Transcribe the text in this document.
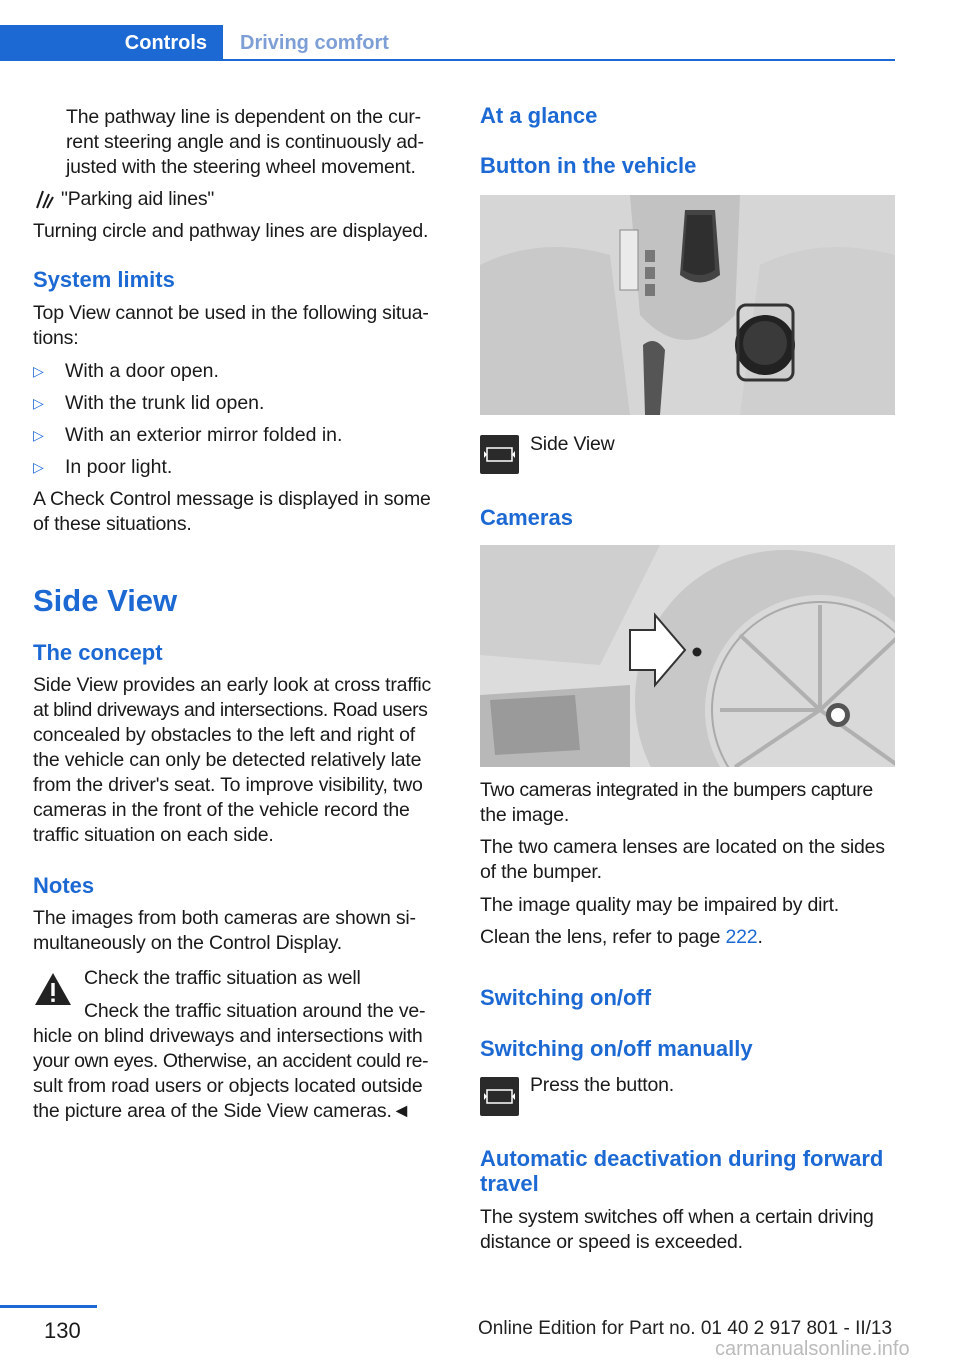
Controls	Driving comfort

The pathway line is dependent on the cur-

rent steering angle and is continuously ad-

justed with the steering wheel movement.

"Parking aid lines"

Turning circle and pathway lines are displayed.

System limits

Top View cannot be used in the following situa-

tions:

▷ With a door open.
▷ With the trunk lid open.
▷ With an exterior mirror folded in.
▷ In poor light.

A Check Control message is displayed in some

of these situations.

Side View
The concept

Side View provides an early look at cross traffic

at blind driveways and intersections. Road users

concealed by obstacles to the left and right of

the vehicle can only be detected relatively late

from the driver's seat. To improve visibility, two

cameras in the front of the vehicle record the

traffic situation on each side.

Notes

The images from both cameras are shown si-

multaneously on the Control Display.

Check the traffic situation as well

Check the traffic situation around the ve-

hicle on blind driveways and intersections with

your own eyes. Otherwise, an accident could re-

sult from road users or objects located outside

the picture area of the Side View cameras.◄

At a glance
Button in the vehicle

Side View

Cameras

Two cameras integrated in the bumpers capture

the image.

The two camera lenses are located on the sides

of the bumper.

The image quality may be impaired by dirt.

Clean the lens, refer to page 222.

Switching on/off
Switching on/off manually

Press the button.

Automatic deactivation during forward
travel

The system switches off when a certain driving

distance or speed is exceeded.

130	Online Edition for Part no. 01 40 2 917 801 - II/13
carmanualsonline.info
